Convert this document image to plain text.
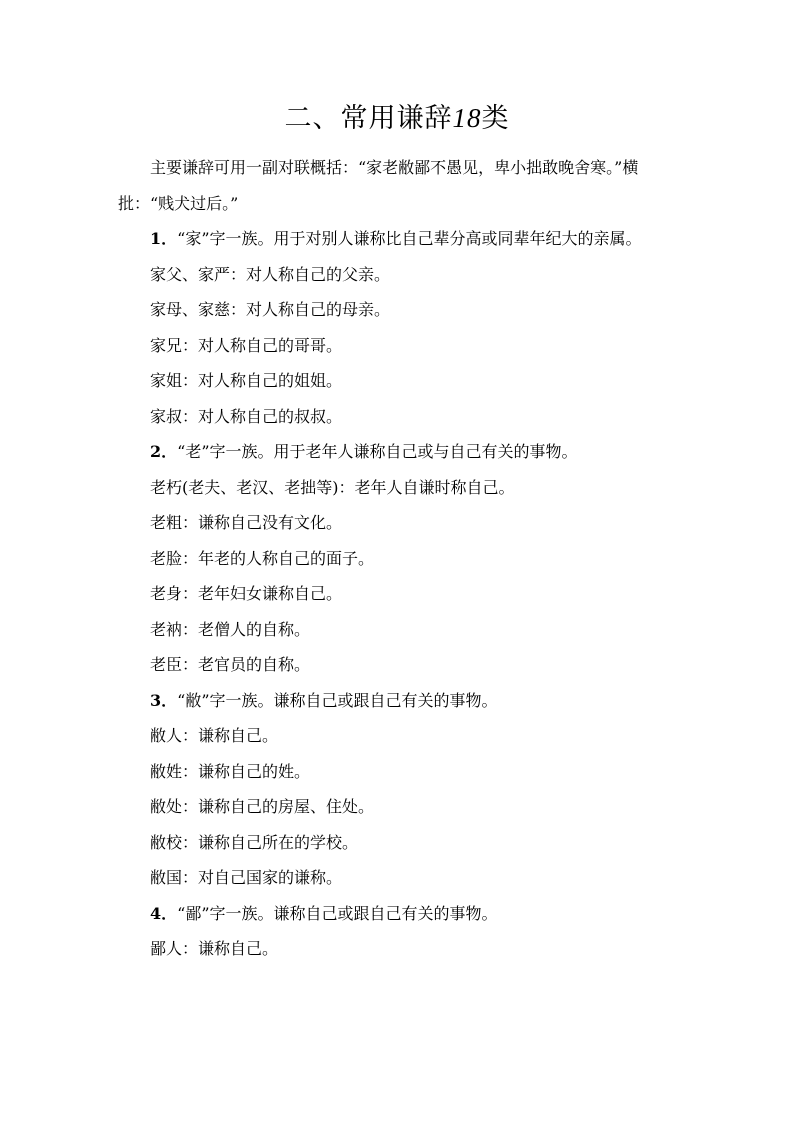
二、常用谦辞18类

主要谦辞可用一副对联概括：“家老敝鄙不愚见，卑小拙敢晚舍寒。”横批：“贱犬过后。”

1．“家”字一族。用于对别人谦称比自己辈分高或同辈年纪大的亲属。

家父、家严：对人称自己的父亲。

家母、家慈：对人称自己的母亲。

家兄：对人称自己的哥哥。

家姐：对人称自己的姐姐。

家叔：对人称自己的叔叔。

2．“老”字一族。用于老年人谦称自己或与自己有关的事物。

老朽(老夫、老汉、老拙等)：老年人自谦时称自己。

老粗：谦称自己没有文化。

老脸：年老的人称自己的面子。

老身：老年妇女谦称自己。

老衲：老僧人的自称。

老臣：老官员的自称。

3．“敝”字一族。谦称自己或跟自己有关的事物。

敝人：谦称自己。

敝姓：谦称自己的姓。

敝处：谦称自己的房屋、住处。

敝校：谦称自己所在的学校。

敝国：对自己国家的谦称。

4．“鄙”字一族。谦称自己或跟自己有关的事物。

鄙人：谦称自己。
